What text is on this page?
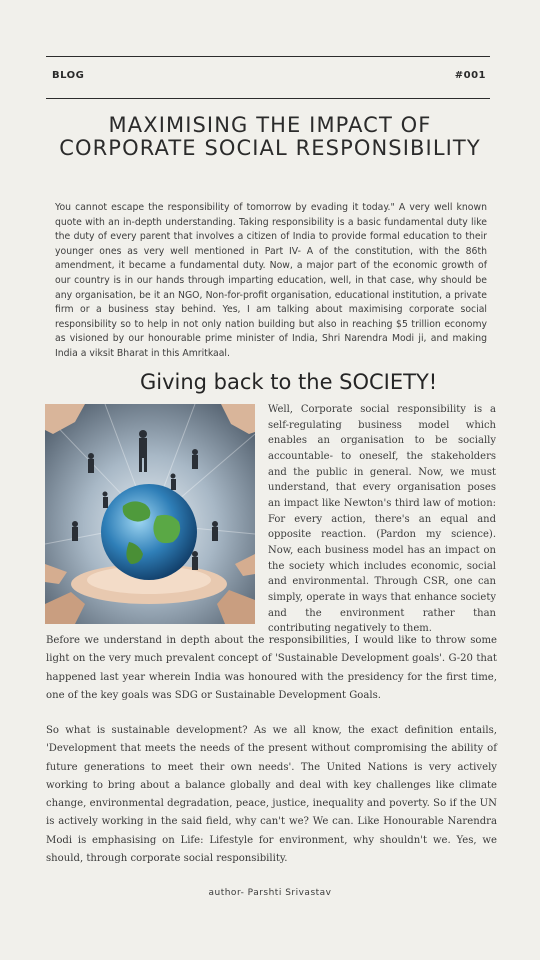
BLOG	#001
MAXIMISING THE IMPACT OF CORPORATE SOCIAL RESPONSIBILITY

You cannot escape the responsibility of tomorrow by evading it today." A very well known quote with an in-depth understanding. Taking responsibility is a basic fundamental duty like the duty of every parent that involves a citizen of India to provide formal education to their younger ones as very well mentioned in Part IV- A of the constitution, with the 86th amendment, it became a fundamental duty. Now, a major part of the economic growth of our country is in our hands through imparting education, well, in that case, why should be any organisation, be it an NGO, Non-for-profit organisation, educational institution, a private firm or a business stay behind. Yes, I am talking about maximising corporate social responsibility so to help in not only nation building but also in reaching $5 trillion economy as visioned by our honourable prime minister of India, Shri Narendra Modi ji, and making India a viksit Bharat in this Amritkaal.

Giving back to the SOCIETY!

Well, Corporate social responsibility is a self-regulating business model which enables an organisation to be socially accountable- to oneself, the stakeholders and the public in general. Now, we must understand, that every organisation poses an impact like Newton's third law of motion: For every action, there's an equal and opposite reaction. (Pardon my science). Now, each business model has an impact on the society which includes economic, social and environmental. Through CSR, one can simply, operate in ways that enhance society and the environment rather than contributing negatively to them.

Before we understand in depth about the responsibilities, I would like to throw some light on the very much prevalent concept of 'Sustainable Development goals'. G-20 that happened last year wherein India was honoured with the presidency for the first time, one of the key goals was SDG or Sustainable Development Goals.

So what is sustainable development? As we all know, the exact definition entails, 'Development that meets the needs of the present without compromising the ability of future generations to meet their own needs'. The United Nations is very actively working to bring about a balance globally and deal with key challenges like climate change, environmental degradation, peace, justice, inequality and poverty. So if the UN is actively working in the said field, why can't we? We can. Like Honourable Narendra Modi is emphasising on Life: Lifestyle for environment, why shouldn't we. Yes, we should, through corporate social responsibility.

author- Parshti Srivastav
